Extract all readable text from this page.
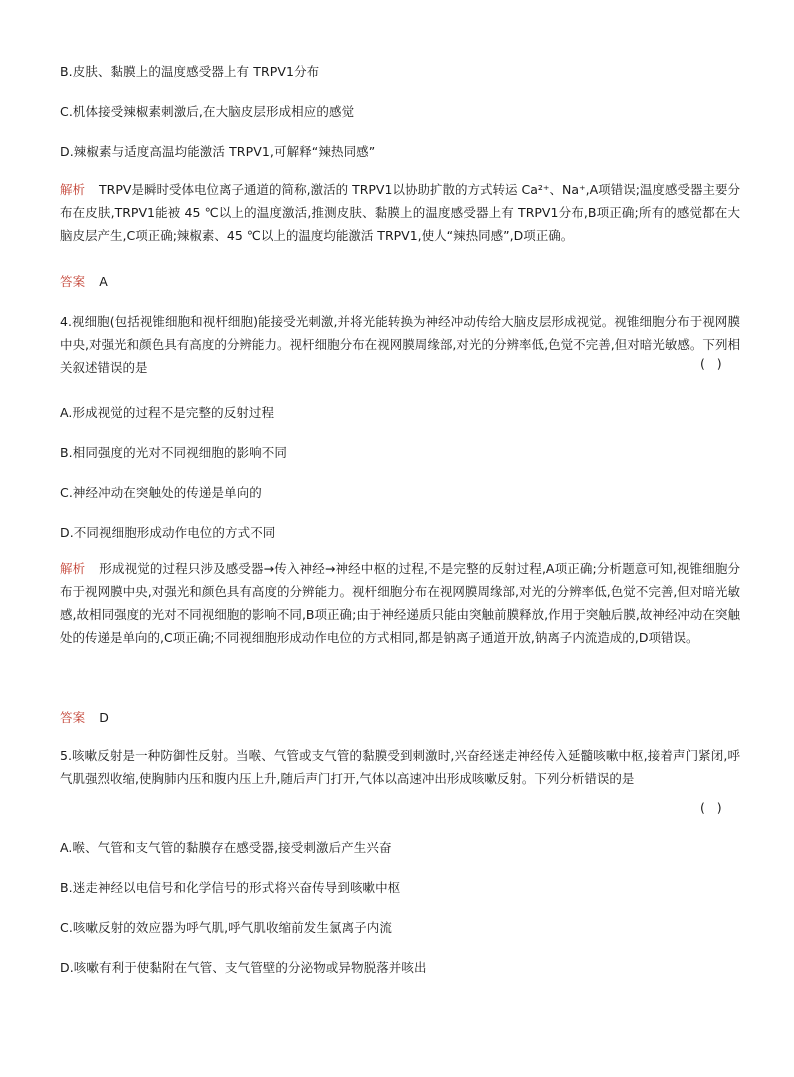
B.皮肤、黏膜上的温度感受器上有 TRPV1分布
C.机体接受辣椒素刺激后,在大脑皮层形成相应的感觉
D.辣椒素与适度高温均能激活 TRPV1,可解释“辣热同感”
解析 TRPV是瞬时受体电位离子通道的简称,激活的 TRPV1以协助扩散的方式转运 Ca²⁺、Na⁺,A项错误;温度感受器主要分布在皮肤,TRPV1能被 45 ℃以上的温度激活,推测皮肤、黏膜上的温度感受器上有 TRPV1分布,B项正确;所有的感觉都在大脑皮层产生,C项正确;辣椒素、45 ℃以上的温度均能激活 TRPV1,使人“辣热同感”,D项正确。
答案 A
4.视细胞(包括视锥细胞和视杆细胞)能接受光刺激,并将光能转换为神经冲动传给大脑皮层形成视觉。视锥细胞分布于视网膜中央,对强光和颜色具有高度的分辨能力。视杆细胞分布在视网膜周缘部,对光的分辨率低,色觉不完善,但对暗光敏感。下列相关叙述错误的是	(   )
A.形成视觉的过程不是完整的反射过程
B.相同强度的光对不同视细胞的影响不同
C.神经冲动在突触处的传递是单向的
D.不同视细胞形成动作电位的方式不同
解析 形成视觉的过程只涉及感受器→传入神经→神经中枢的过程,不是完整的反射过程,A项正确;分析题意可知,视锥细胞分布于视网膜中央,对强光和颜色具有高度的分辨能力。视杆细胞分布在视网膜周缘部,对光的分辨率低,色觉不完善,但对暗光敏感,故相同强度的光对不同视细胞的影响不同,B项正确;由于神经递质只能由突触前膜释放,作用于突触后膜,故神经冲动在突触处的传递是单向的,C项正确;不同视细胞形成动作电位的方式相同,都是钠离子通道开放,钠离子内流造成的,D项错误。
答案 D
5.咳嗽反射是一种防御性反射。当喉、气管或支气管的黏膜受到刺激时,兴奋经迷走神经传入延髓咳嗽中枢,接着声门紧闭,呼气肌强烈收缩,使胸肺内压和腹内压上升,随后声门打开,气体以高速冲出形成咳嗽反射。下列分析错误的是
(   )
A.喉、气管和支气管的黏膜存在感受器,接受刺激后产生兴奋
B.迷走神经以电信号和化学信号的形式将兴奋传导到咳嗽中枢
C.咳嗽反射的效应器为呼气肌,呼气肌收缩前发生氯离子内流
D.咳嗽有利于使黏附在气管、支气管壁的分泌物或异物脱落并咳出
